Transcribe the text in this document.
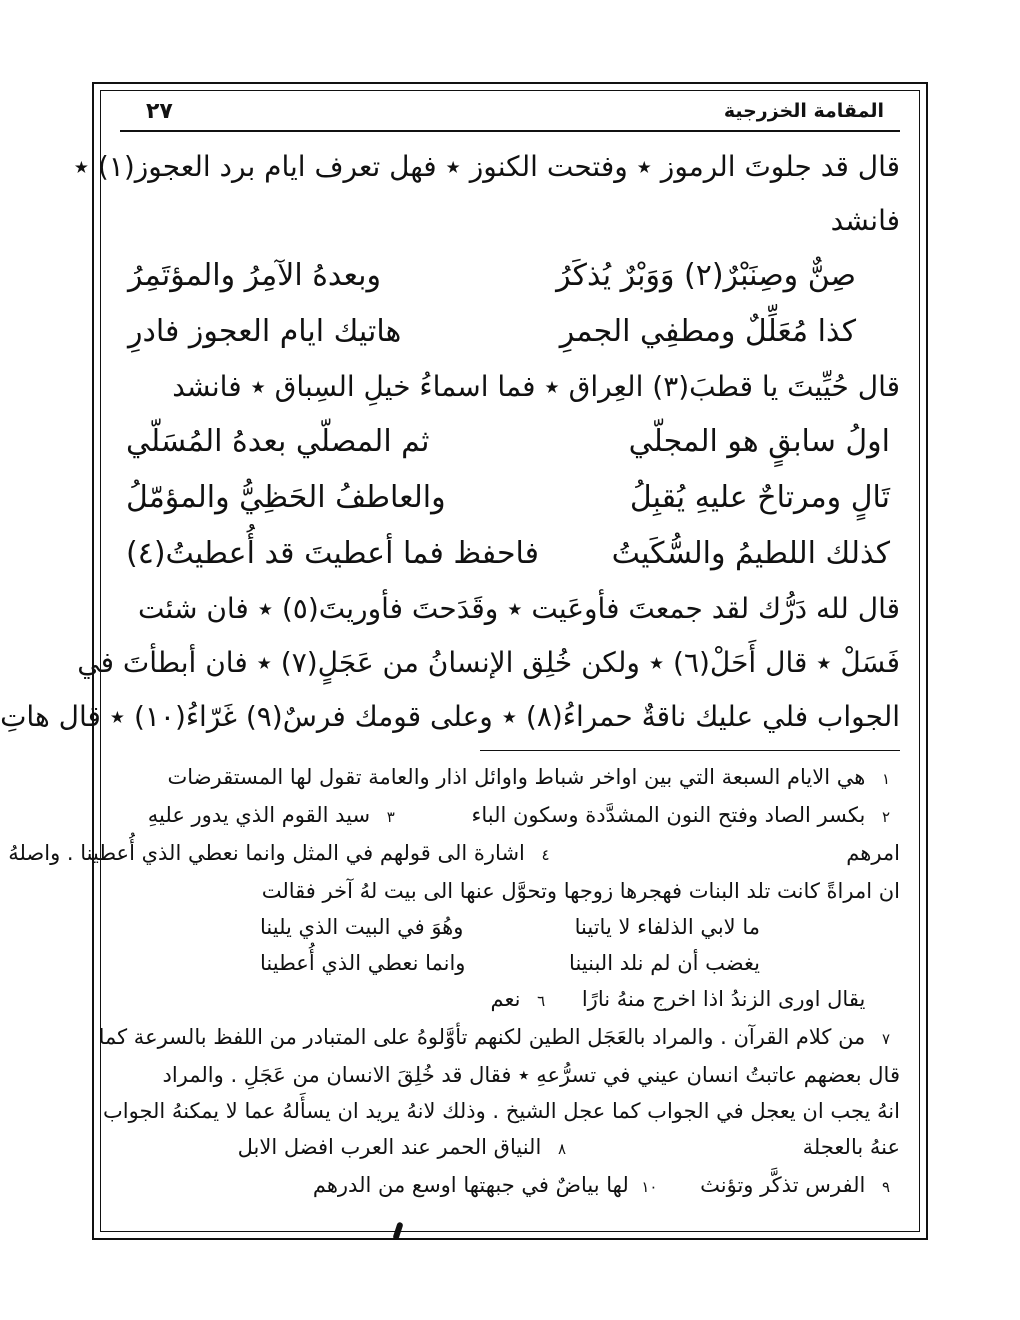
المقامة الخزرجية
٢٧
قال قد جلوتَ الرموز ٭ وفتحت الكنوز ٭ فهل تعرف ايام برد العجوز(١) ٭
فانشد
صِنٌّ وصِنَبْرٌ(٢) وَوَبْرٌ يُذكَرُ
وبعدهُ الآمِرُ والمؤتَمِرُ
كذا مُعَلِّلٌ ومطفِي الجمرِ
هاتيك ايام العجوز فادرِ
قال حُيِّيتَ يا قطبَ(٣) العِراق ٭ فما اسماءُ خيلِ السِباق ٭ فانشد
اولُ سابقٍ هو المجلّي
ثم المصلّي بعدهُ المُسَلّي
تَالٍ ومرتاحٌ عليهِ يُقبِلُ
والعاطفُ الحَظِيُّ والمؤمّلُ
كذلك اللطيمُ والسُّكَيتُ
فاحفظ فما أعطيتَ قد أُعطيتُ(٤)
قال لله دَرُّك لقد جمعتَ فأوعَيت ٭ وقَدَحتَ فأوريتَ(٥) ٭ فان شئت
فَسَلْ ٭ قال أَحَلْ(٦) ٭ ولكن خُلِق الإنسانُ من عَجَلٍ(٧) ٭ فان أبطأتَ في
الجواب فلي عليك ناقةٌ حمراءُ(٨) ٭ وعلى قومك فرسٌ(٩) غَرّاءُ(١٠) ٭ قال هاتِ
١ هي الايام السبعة التي بين اواخر شباط واوائل اذار والعامة تقول لها المستقرضات
٢ بكسر الصاد وفتح النون المشدَّدة وسكون الباء ٣ سيد القوم الذي يدور عليهِ
امرهم ٤ اشارة الى قولهم في المثل وانما نعطي الذي أُعطينا . واصلهُ
ان امراةً كانت تلد البنات فهجرها زوجها وتحوَّل عنها الى بيت لهُ آخر فقالت
ما لابي الذلفاء لا ياتينا
وهُوَ في البيت الذي يلينا
يغضب أن لم نلد البنينا
وانما نعطي الذي أُعطينا
يقال اورى الزندُ اذا اخرج منهُ نارًا ٦ نعم
٧ من كلام القرآن . والمراد بالعَجَل الطين لكنهم تأوَّلوهُ على المتبادر من اللفظ بالسرعة كما
قال بعضهم عاتبتُ انسان عيني في تسرُّعهِ ٭ فقال قد خُلِقَ الانسان من عَجَلِ . والمراد
انهُ يجب ان يعجل في الجواب كما عجل الشيخ . وذلك لانهُ يريد ان يسأَلهُ عما لا يمكنهُ الجواب
عنهُ بالعجلة ٨ النياق الحمر عند العرب افضل الابل
٩ الفرس تذكَّر وتؤنث ١٠ لها بياضٌ في جبهتها اوسع من الدرهم
